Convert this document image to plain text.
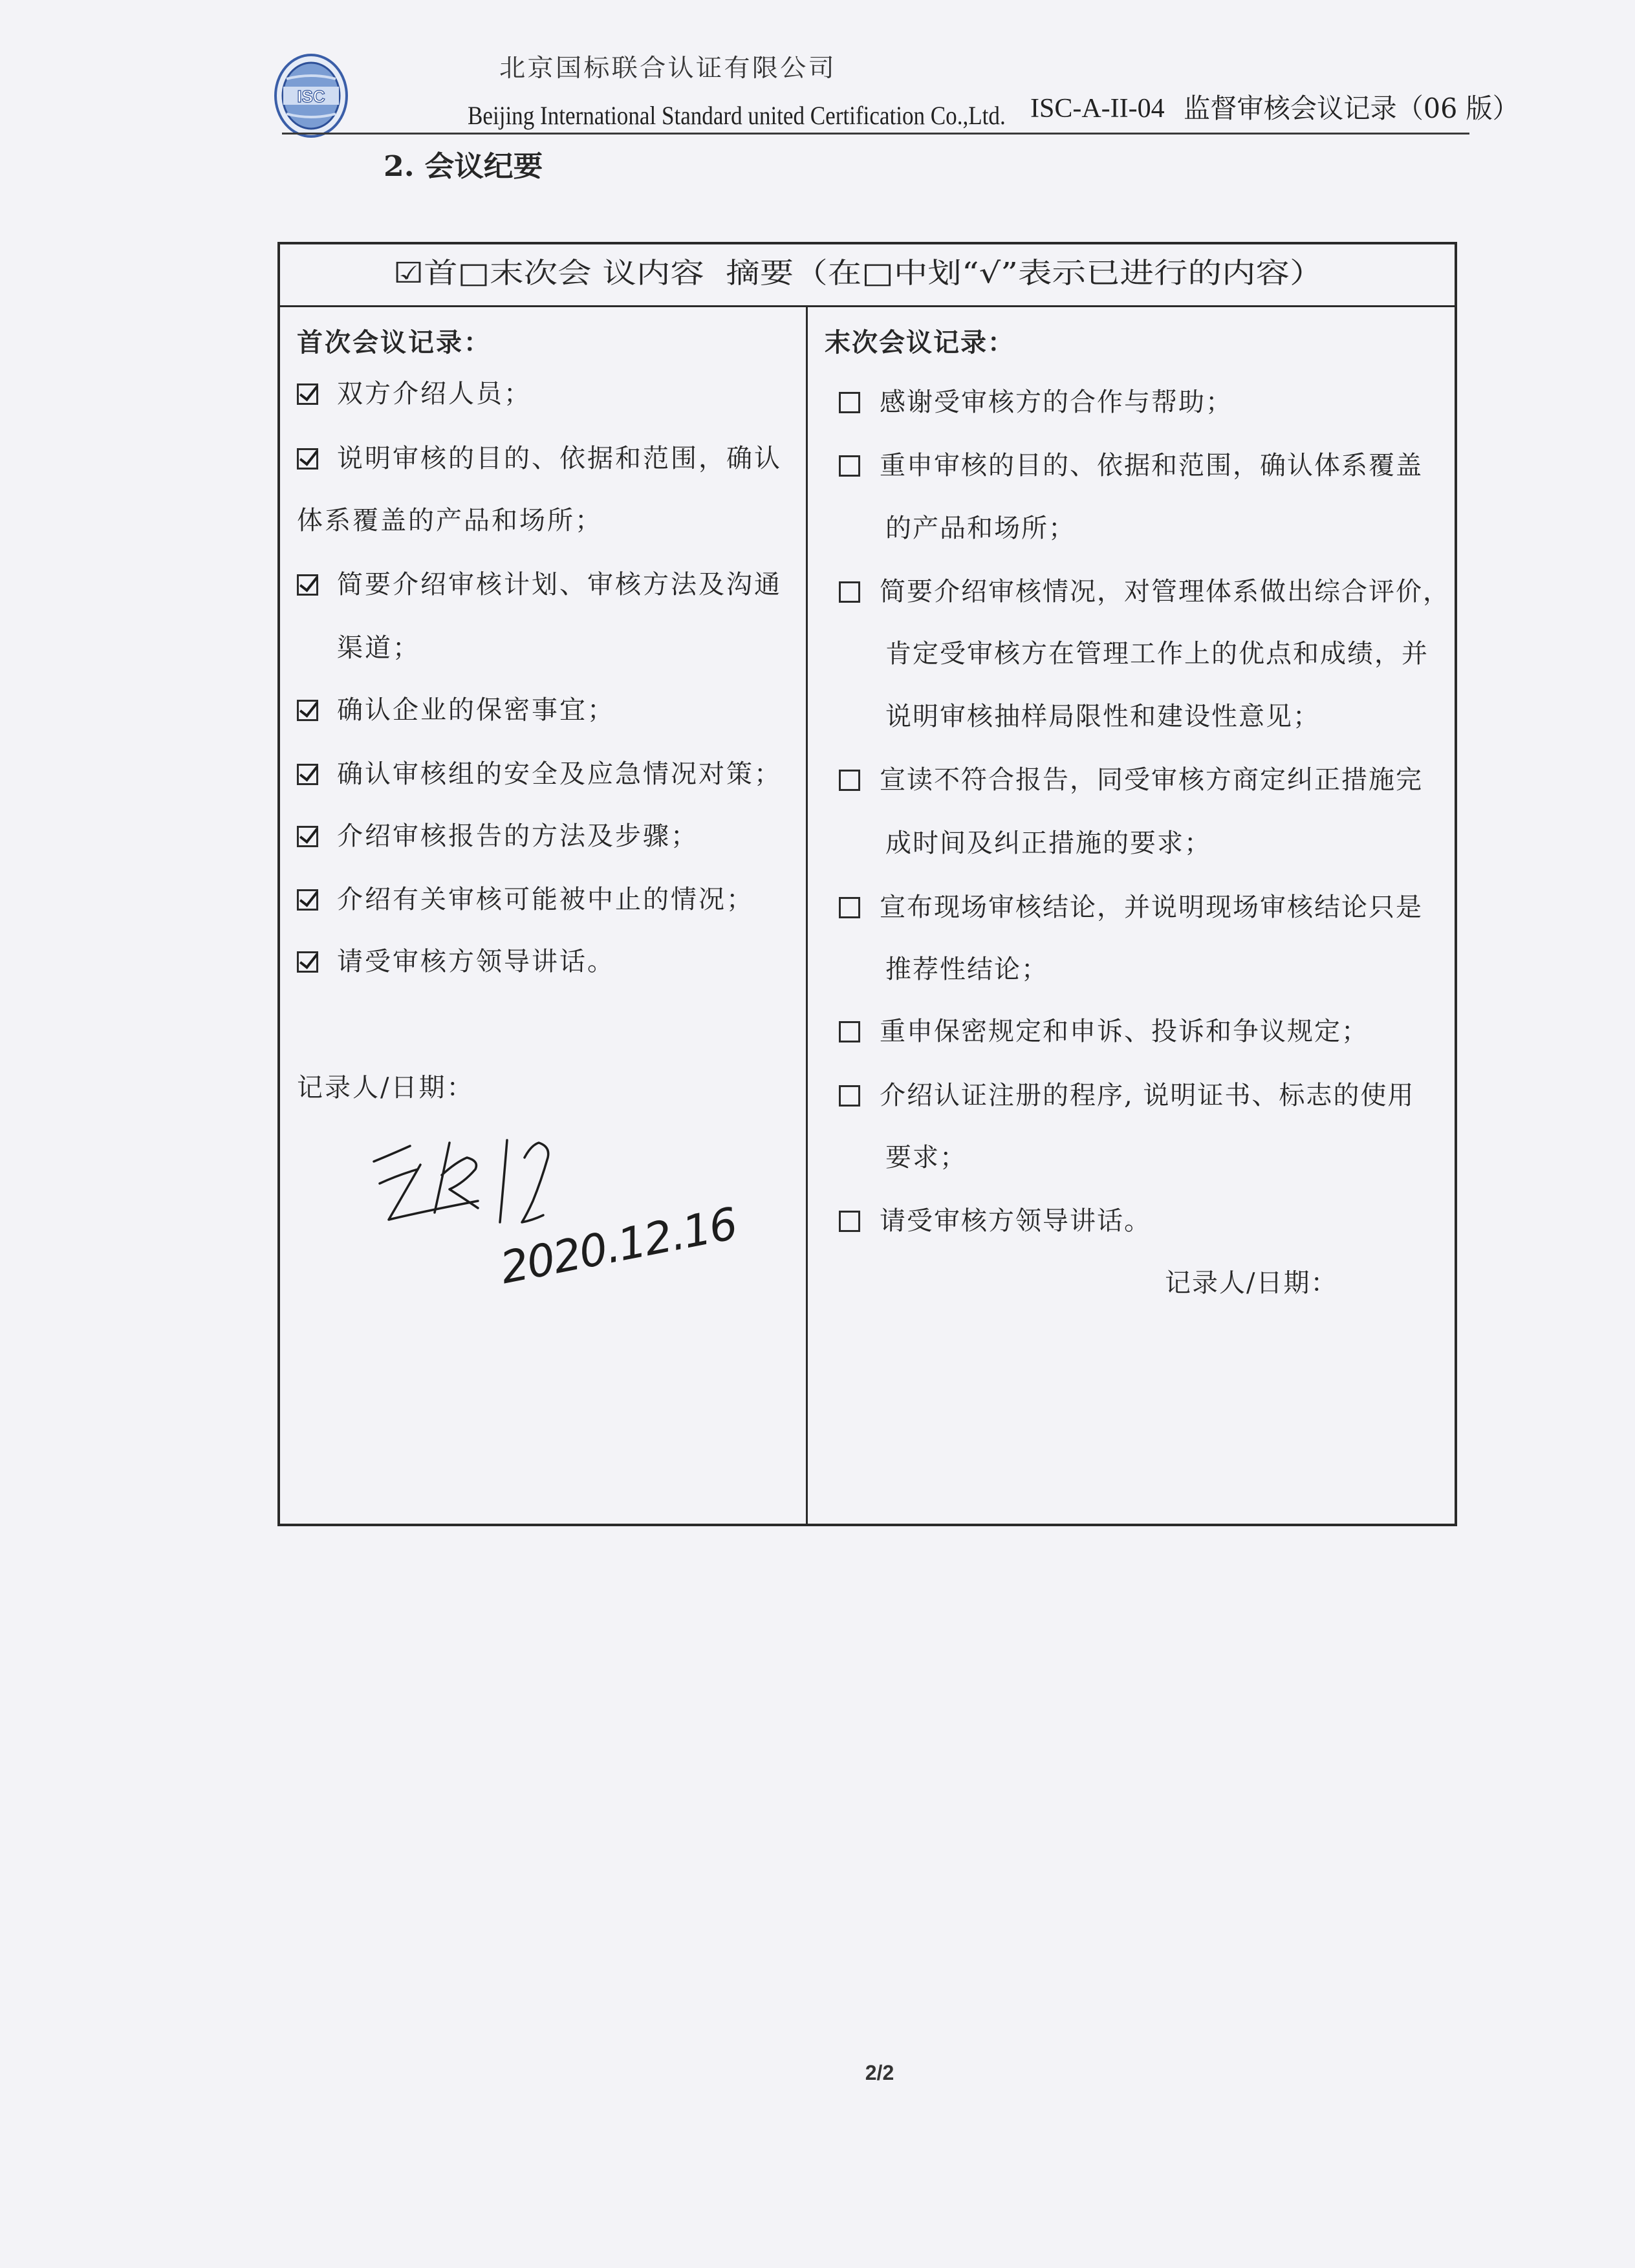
ISC
北京国标联合认证有限公司
Beijing International Standard united Certification Co.,Ltd. ISC-A-II-04 监督审核会议记录（06 版）
2. 会议纪要
☑首□末次会 议内容  摘要（在□中划“√”表示已进行的内容）
首次会议记录：
双方介绍人员；
说明审核的目的、依据和范围，确认
体系覆盖的产品和场所；
简要介绍审核计划、审核方法及沟通
渠道；
确认企业的保密事宜；
确认审核组的安全及应急情况对策；
介绍审核报告的方法及步骤；
介绍有关审核可能被中止的情况；
请受审核方领导讲话。
记录人/日期：
2020.12.16
末次会议记录：
感谢受审核方的合作与帮助；
重申审核的目的、依据和范围，确认体系覆盖
的产品和场所；
简要介绍审核情况，对管理体系做出综合评价，
肯定受审核方在管理工作上的优点和成绩，并
说明审核抽样局限性和建设性意见；
宣读不符合报告，同受审核方商定纠正措施完
成时间及纠正措施的要求；
宣布现场审核结论，并说明现场审核结论只是
推荐性结论；
重申保密规定和申诉、投诉和争议规定；
介绍认证注册的程序, 说明证书、标志的使用
要求；
请受审核方领导讲话。
记录人/日期：
2/2
